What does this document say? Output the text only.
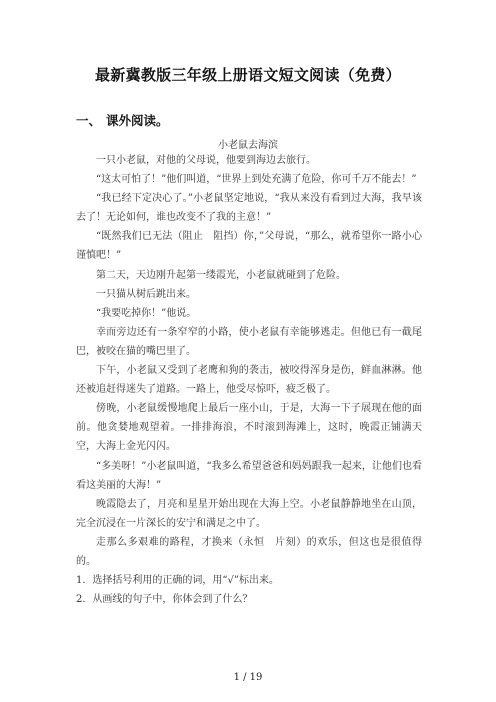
最新冀教版三年级上册语文短文阅读（免费）
一、 课外阅读。
小老鼠去海滨

一只小老鼠，对他的父母说，他要到海边去旅行。

“这太可怕了！”他们叫道，“世界上到处充满了危险，你可千万不能去！”

“我已经下定决心了。”小老鼠坚定地说，“我从来没有看到过大海，我早该去了！无论如何，谁也改变不了我的主意！”

“既然我们已无法（阻止　阻挡）你，”父母说，“那么，就希望你一路小心谨慎吧！”

第二天，天边刚升起第一缕霞光，小老鼠就碰到了危险。

一只猫从树后跳出来。

“我要吃掉你！”他说。

幸而旁边还有一条窄窄的小路，使小老鼠有幸能够逃走。但他已有一截尾巴，被咬在猫的嘴巴里了。

下午，小老鼠又受到了老鹰和狗的袭击，被咬得浑身是伤，鲜血淋淋。他还被追赶得迷失了道路。一路上，他受尽惊吓，疲乏极了。

傍晚，小老鼠缓慢地爬上最后一座小山，于是，大海一下子展现在他的面前。他贪婪地观望着。一排排海浪，不时滚到海滩上，这时，晚霞正铺满天空，大海上金光闪闪。

“多美呀！”小老鼠叫道，“我多么希望爸爸和妈妈跟我一起来，让他们也看看这美丽的大海！”

晚霞隐去了，月亮和星星开始出现在大海上空。小老鼠静静地坐在山顶，完全沉浸在一片深长的安宁和满足之中了。

走那么多艰难的路程，才换来（永恒　片刻）的欢乐，但这也是很值得的。

1．选择括号利用的正确的词，用“√”标出来。

2．从画线的句子中，你体会到了什么？

1 / 19
